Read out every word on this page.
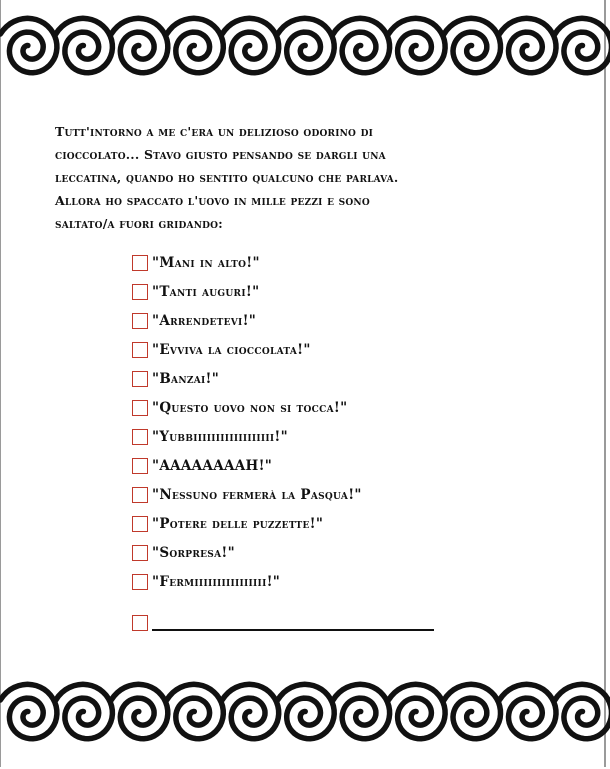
Tutt'intorno a me c'era un delizioso odorino di

cioccolato... Stavo giusto pensando se dargli una

leccatina, quando ho sentito qualcuno che parlava.

Allora ho spaccato l'uovo in mille pezzi e sono

saltato/a fuori gridando:

"Mani in alto!"
"Tanti auguri!"
"Arrendetevi!"
"Evviva la cioccolata!"
"Banzai!"
"Questo uovo non si tocca!"
"Yubbiiiiiiiiiiiiiiiiii!"
"AAAAAAAAH!"
"Nessuno fermerà la Pasqua!"
"Potere delle puzzette!"
"Sorpresa!"
"Fermiiiiiiiiiiiiiiii!"
